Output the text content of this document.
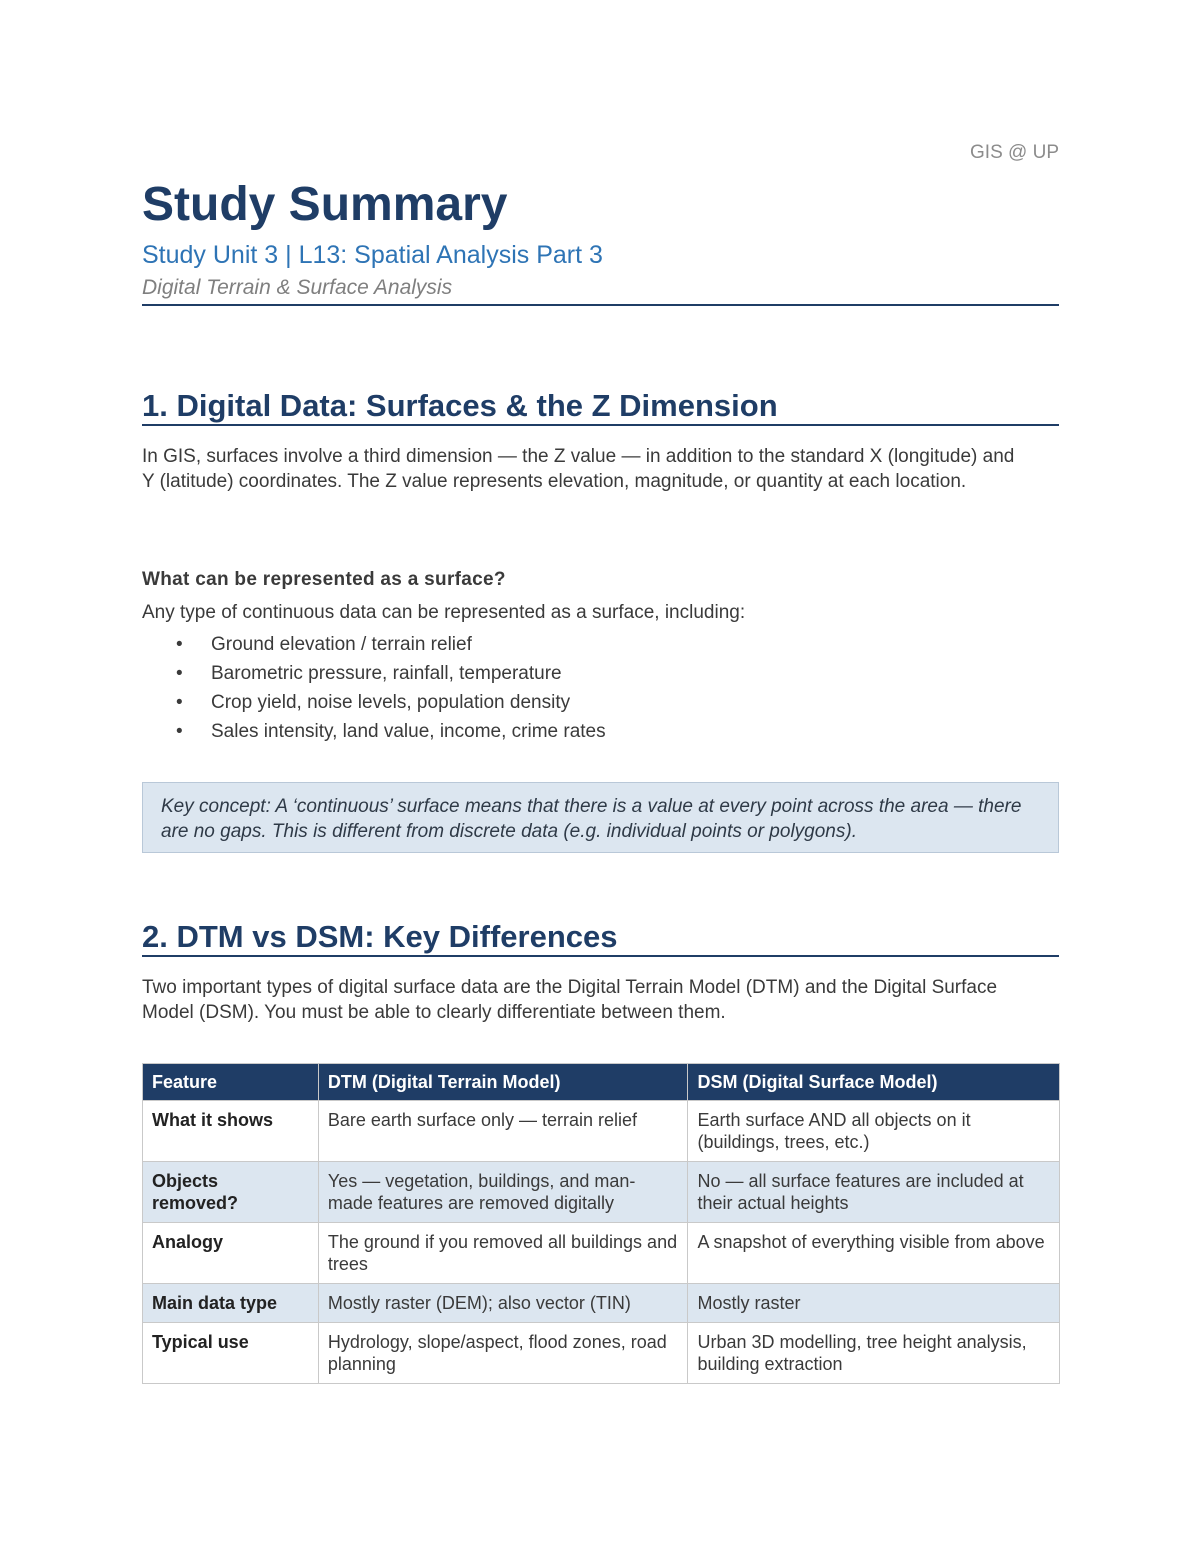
GIS @ UP
Study Summary
Study Unit 3 | L13: Spatial Analysis Part 3
Digital Terrain & Surface Analysis
1. Digital Data: Surfaces & the Z Dimension

In GIS, surfaces involve a third dimension — the Z value — in addition to the standard X (longitude) and Y (latitude) coordinates. The Z value represents elevation, magnitude, or quantity at each location.

What can be represented as a surface?

Any type of continuous data can be represented as a surface, including:

• Ground elevation / terrain relief
• Barometric pressure, rainfall, temperature
• Crop yield, noise levels, population density
• Sales intensity, land value, income, crime rates
Key concept: A ‘continuous’ surface means that there is a value at every point across the area — there are no gaps. This is different from discrete data (e.g. individual points or polygons).
2. DTM vs DSM: Key Differences

Two important types of digital surface data are the Digital Terrain Model (DTM) and the Digital Surface Model (DSM). You must be able to clearly differentiate between them.

Feature	DTM (Digital Terrain Model)	DSM (Digital Surface Model)
What it shows	Bare earth surface only — terrain relief	Earth surface AND all objects on it (buildings, trees, etc.)
Objects removed?	Yes — vegetation, buildings, and man-made features are removed digitally	No — all surface features are included at their actual heights
Analogy	The ground if you removed all buildings and trees	A snapshot of everything visible from above
Main data type	Mostly raster (DEM); also vector (TIN)	Mostly raster
Typical use	Hydrology, slope/aspect, flood zones, road planning	Urban 3D modelling, tree height analysis, building extraction
